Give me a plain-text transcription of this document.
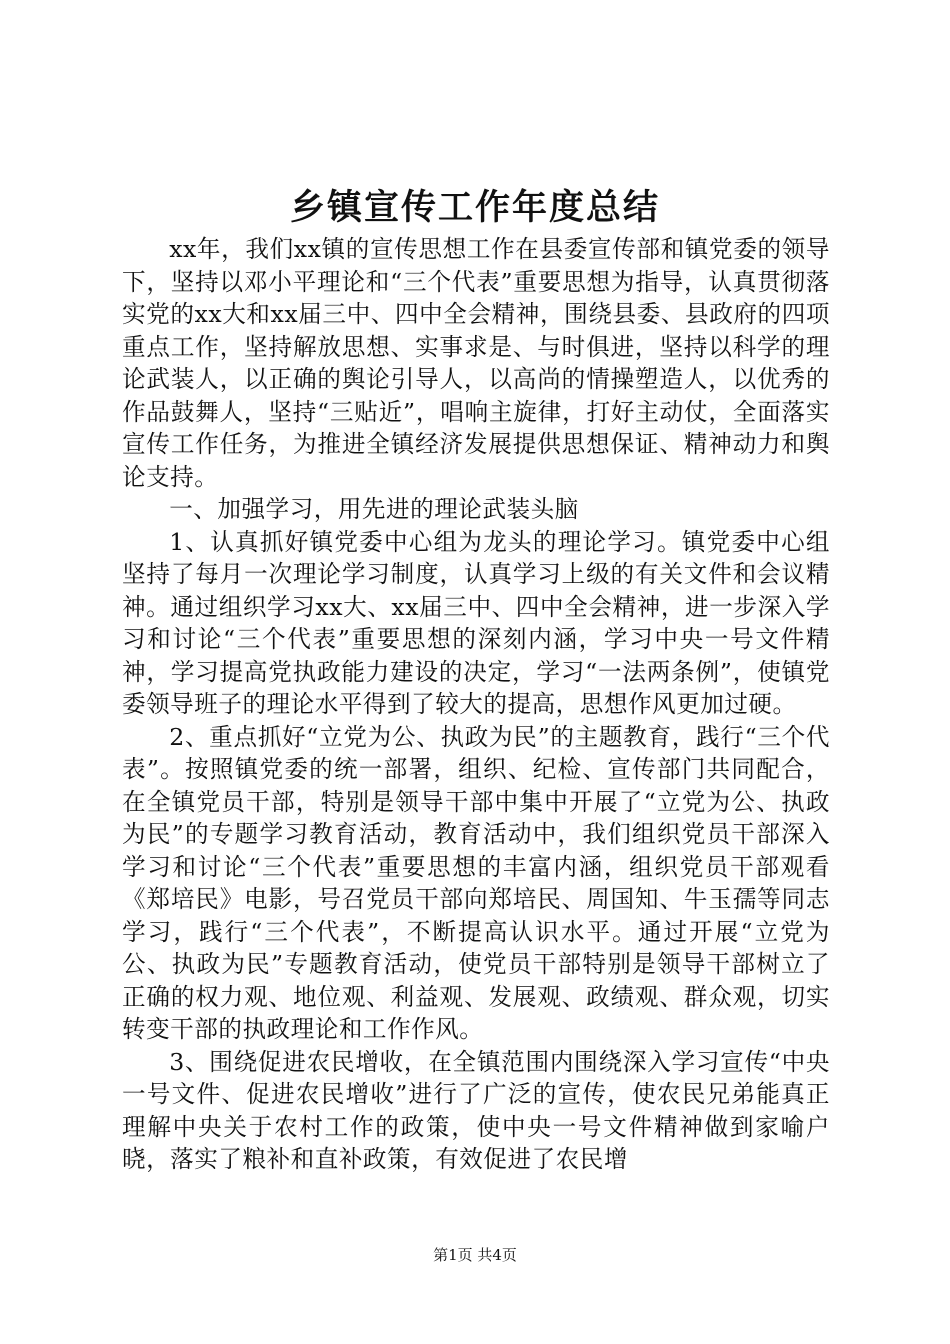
乡镇宣传工作年度总结

xx年，我们xx镇的宣传思想工作在县委宣传部和镇党委的领导下，坚持以邓小平理论和“三个代表”重要思想为指导，认真贯彻落实党的xx大和xx届三中、四中全会精神，围绕县委、县政府的四项重点工作，坚持解放思想、实事求是、与时俱进，坚持以科学的理论武装人，以正确的舆论引导人，以高尚的情操塑造人，以优秀的作品鼓舞人，坚持“三贴近”，唱响主旋律，打好主动仗，全面落实宣传工作任务，为推进全镇经济发展提供思想保证、精神动力和舆论支持。

一、加强学习，用先进的理论武装头脑

1、认真抓好镇党委中心组为龙头的理论学习。镇党委中心组坚持了每月一次理论学习制度，认真学习上级的有关文件和会议精神。通过组织学习xx大、xx届三中、四中全会精神，进一步深入学习和讨论“三个代表”重要思想的深刻内涵，学习中央一号文件精神，学习提高党执政能力建设的决定，学习“一法两条例”，使镇党委领导班子的理论水平得到了较大的提高，思想作风更加过硬。

2、重点抓好“立党为公、执政为民”的主题教育，践行“三个代表”。按照镇党委的统一部署，组织、纪检、宣传部门共同配合，在全镇党员干部，特别是领导干部中集中开展了“立党为公、执政为民”的专题学习教育活动，教育活动中，我们组织党员干部深入学习和讨论“三个代表”重要思想的丰富内涵，组织党员干部观看《郑培民》电影，号召党员干部向郑培民、周国知、牛玉孺等同志学习，践行“三个代表”，不断提高认识水平。通过开展“立党为公、执政为民”专题教育活动，使党员干部特别是领导干部树立了正确的权力观、地位观、利益观、发展观、政绩观、群众观，切实转变干部的执政理论和工作作风。

3、围绕促进农民增收，在全镇范围内围绕深入学习宣传“中央一号文件、促进农民增收”进行了广泛的宣传，使农民兄弟能真正理解中央关于农村工作的政策，使中央一号文件精神做到家喻户晓，落实了粮补和直补政策，有效促进了农民增

第1页 共4页
